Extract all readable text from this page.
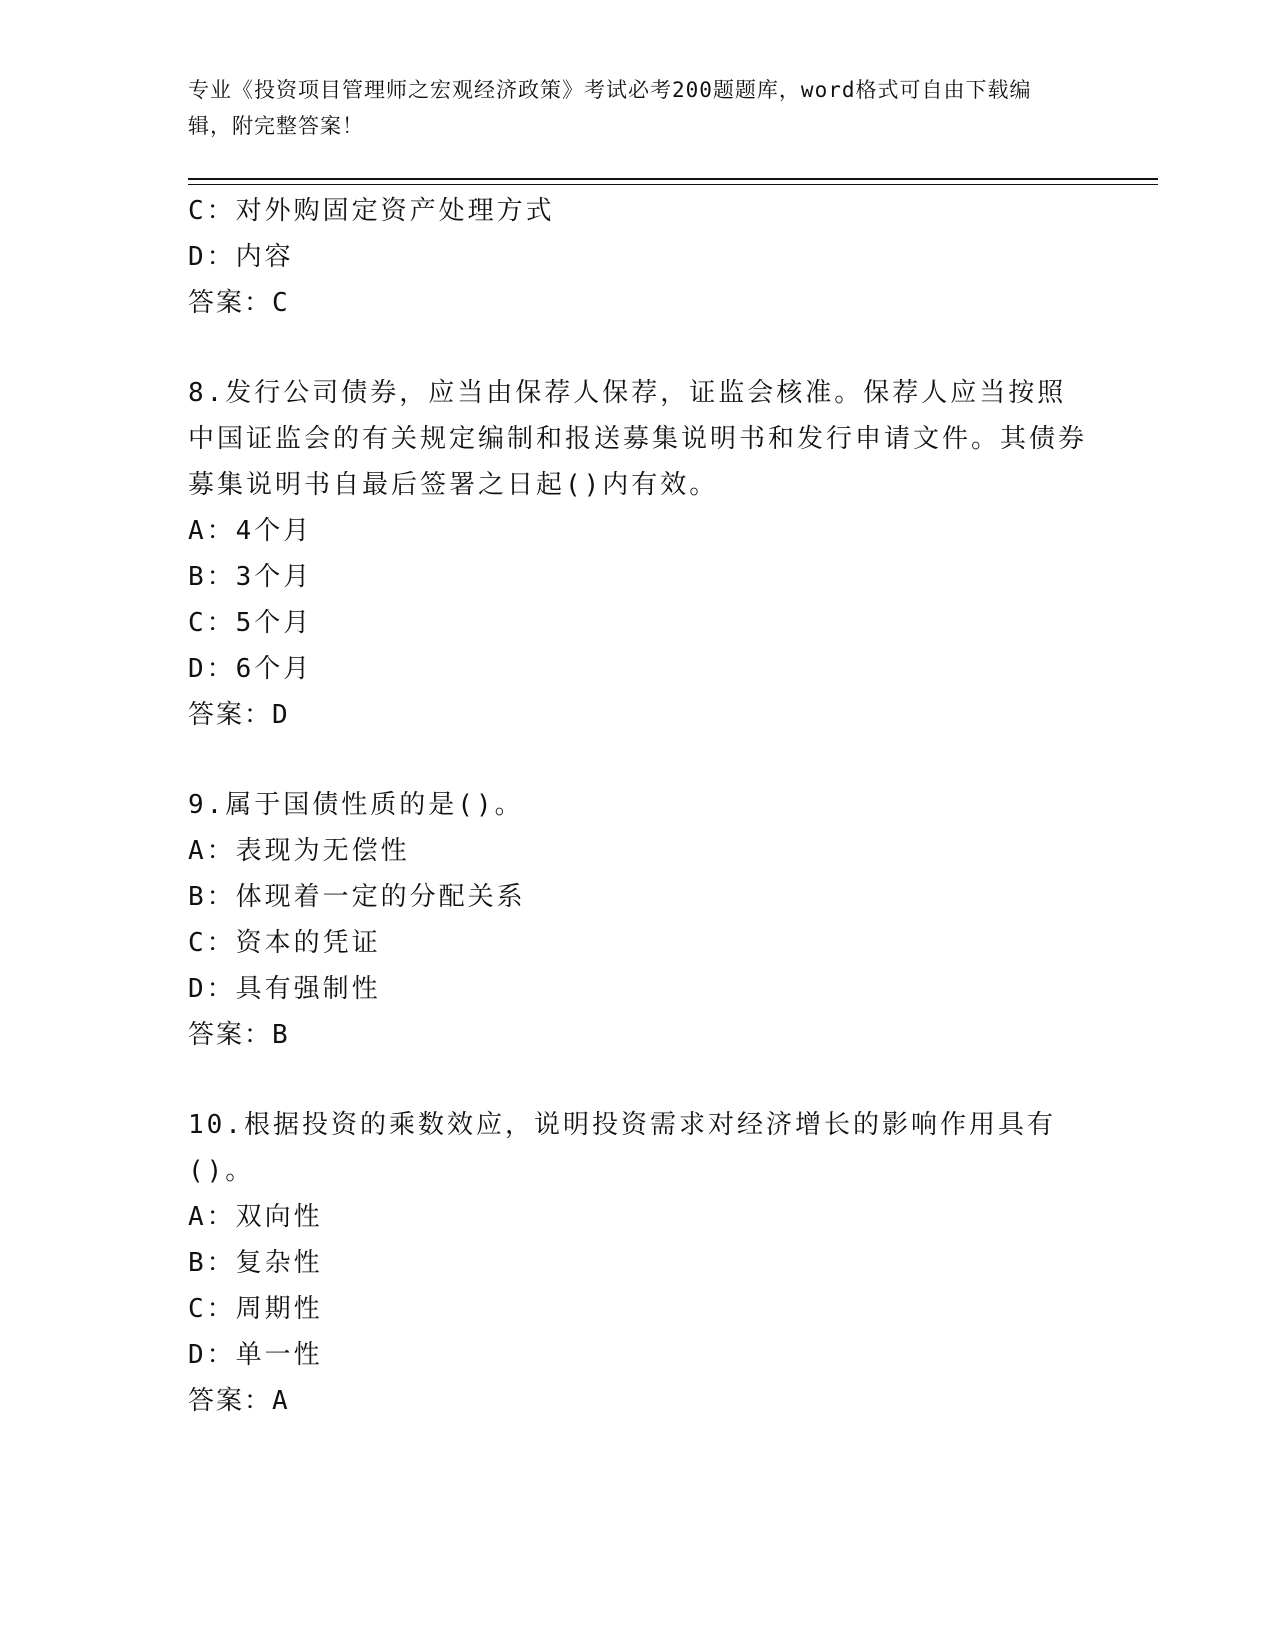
专业《投资项目管理师之宏观经济政策》考试必考200题题库，word格式可自由下载编辑，附完整答案！
C：对外购固定资产处理方式
D：内容
答案：C
8.发行公司债券，应当由保荐人保荐，证监会核准。保荐人应当按照中国证监会的有关规定编制和报送募集说明书和发行申请文件。其债券募集说明书自最后签署之日起()内有效。
A：4个月
B：3个月
C：5个月
D：6个月
答案：D
9.属于国债性质的是()。
A：表现为无偿性
B：体现着一定的分配关系
C：资本的凭证
D：具有强制性
答案：B
10.根据投资的乘数效应，说明投资需求对经济增长的影响作用具有()。
A：双向性
B：复杂性
C：周期性
D：单一性
答案：A
